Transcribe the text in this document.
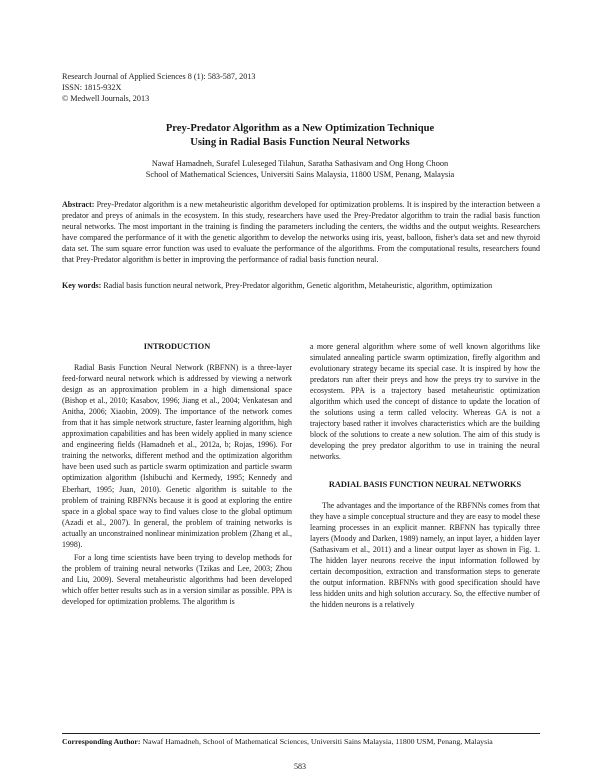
Research Journal of Applied Sciences 8 (1): 583-587, 2013
ISSN: 1815-932X
© Medwell Journals, 2013
Prey-Predator Algorithm as a New Optimization Technique
Using in Radial Basis Function Neural Networks
Nawaf Hamadneh, Surafel Luleseged Tilahun, Saratha Sathasivam and Ong Hong Choon
School of Mathematical Sciences, Universiti Sains Malaysia, 11800 USM, Penang, Malaysia
Abstract: Prey-Predator algorithm is a new metaheuristic algorithm developed for optimization problems. It is inspired by the interaction between a predator and preys of animals in the ecosystem. In this study, researchers have used the Prey-Predator algorithm to train the radial basis function neural networks. The most important in the training is finding the parameters including the centers, the widths and the output weights. Researchers have compared the performance of it with the genetic algorithm to develop the networks using iris, yeast, balloon, fisher's data set and new thyroid data set. The sum square error function was used to evaluate the performance of the algorithms. From the computational results, researchers found that Prey-Predator algorithm is better in improving the performance of radial basis function neural.
Key words: Radial basis function neural network, Prey-Predator algorithm, Genetic algorithm, Metaheuristic, algorithm, optimization
INTRODUCTION

Radial Basis Function Neural Network (RBFNN) is a three-layer feed-forward neural network which is addressed by viewing a network design as an approximation problem in a high dimensional space (Bishop et al., 2010; Kasabov, 1996; Jiang et al., 2004; Venkatesan and Anitha, 2006; Xiaobin, 2009). The importance of the network comes from that it has simple network structure, faster learning algorithm, high approximation capabilities and has been widely applied in many science and engineering fields (Hamadneh et al., 2012a, b; Rojas, 1996). For training the networks, different method and the optimization algorithm have been used such as particle swarm optimization and particle swarm optimization algorithm (Ishibuchi and Kermedy, 1995; Kennedy and Eberhart, 1995; Juan, 2010). Genetic algorithm is suitable to the problem of training RBFNNs because it is good at exploring the entire space in a global space way to find values close to the global optimum (Azadi et al., 2007). In general, the problem of training networks is actually an unconstrained nonlinear minimization problem (Zhang et al., 1998).

For a long time scientists have been trying to develop methods for the problem of training neural networks (Tzikas and Lee, 2003; Zhou and Liu, 2009). Several metaheuristic algorithms had been developed which offer better results such as in a version similar as possible. PPA is developed for optimization problems. The algorithm is

a more general algorithm where some of well known algorithms like simulated annealing particle swarm optimization, firefly algorithm and evolutionary strategy became its special case. It is inspired by how the predators run after their preys and how the preys try to survive in the ecosystem. PPA is a trajectory based metaheuristic optimization algorithm which used the concept of distance to update the location of the solutions using a term called velocity. Whereas GA is not a trajectory based rather it involves characteristics which are the building block of the solutions to create a new solution. The aim of this study is developing the prey predator algorithm to use in training the neural networks.

RADIAL BASIS FUNCTION NEURAL NETWORKS

The advantages and the importance of the RBFNNs comes from that they have a simple conceptual structure and they are easy to model these learning processes in an explicit manner. RBFNN has typically three layers (Moody and Darken, 1989) namely, an input layer, a hidden layer (Sathasivam et al., 2011) and a linear output layer as shown in Fig. 1. The hidden layer neurons receive the input information followed by certain decomposition, extraction and transformation steps to generate the output information. RBFNNs with good specification should have less hidden units and high solution accuracy. So, the effective number of the hidden neurons is a relatively

Corresponding Author: Nawaf Hamadneh, School of Mathematical Sciences, Universiti Sains Malaysia, 11800 USM, Penang, Malaysia
583
